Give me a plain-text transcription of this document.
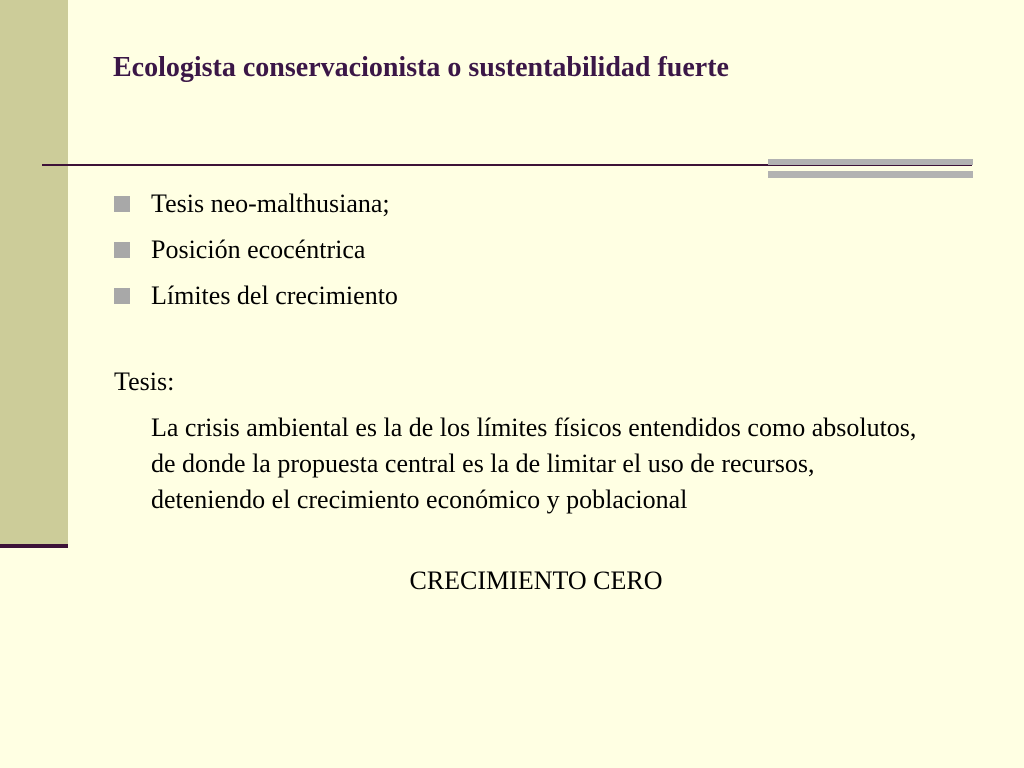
Ecologista conservacionista o sustentabilidad fuerte
Tesis neo-malthusiana;
Posición ecocéntrica
Límites del crecimiento
Tesis:

La crisis ambiental es la de los límites físicos entendidos como absolutos, de donde la propuesta central es la de limitar el uso de recursos, deteniendo el crecimiento económico y poblacional

CRECIMIENTO CERO
